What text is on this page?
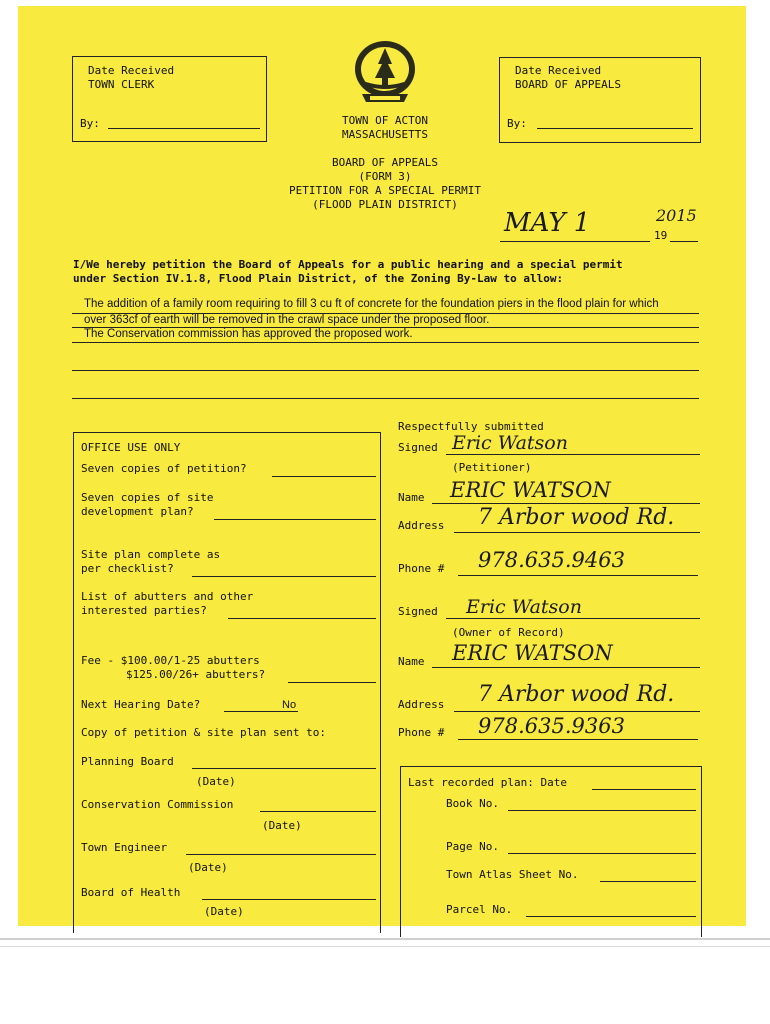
Date Received
TOWN CLERK
By:
Date Received
BOARD OF APPEALS
By:
TOWN OF ACTON
MASSACHUSETTS
BOARD OF APPEALS
(FORM 3)
PETITION FOR A SPECIAL PERMIT
(FLOOD PLAIN DISTRICT)
MAY 1	19
2015
I/We hereby petition the Board of Appeals for a public hearing and a special permit
under Section IV.1.8, Flood Plain District, of the Zoning By-Law to allow:
The addition of a family room requiring to fill 3 cu ft of concrete for the foundation piers in the flood plain for which
over 363cf of earth will be removed in the crawl space under the proposed floor.
The Conservation commission has approved the proposed work.
OFFICE USE ONLY
Seven copies of petition?
Seven copies of site
development plan?
Site plan complete as
per checklist?
List of abutters and other
interested parties?
Fee - $100.00/1-25 abutters
$125.00/26+ abutters?
Next Hearing Date?	No
Copy of petition & site plan sent to:
Planning Board
(Date)
Conservation Commission
(Date)
Town Engineer
(Date)
Board of Health
(Date)
Respectfully submitted
Signed Eric Watson
(Petitioner)
Name ERIC WATSON
Address 7 Arbor wood Rd.
Phone # 978.635.9463
Signed Eric Watson
(Owner of Record)
Name ERIC WATSON
Address 7 Arbor wood Rd.
Phone # 978.635.9363
Last recorded plan: Date
Book No.
Page No.
Town Atlas Sheet No.
Parcel No.
